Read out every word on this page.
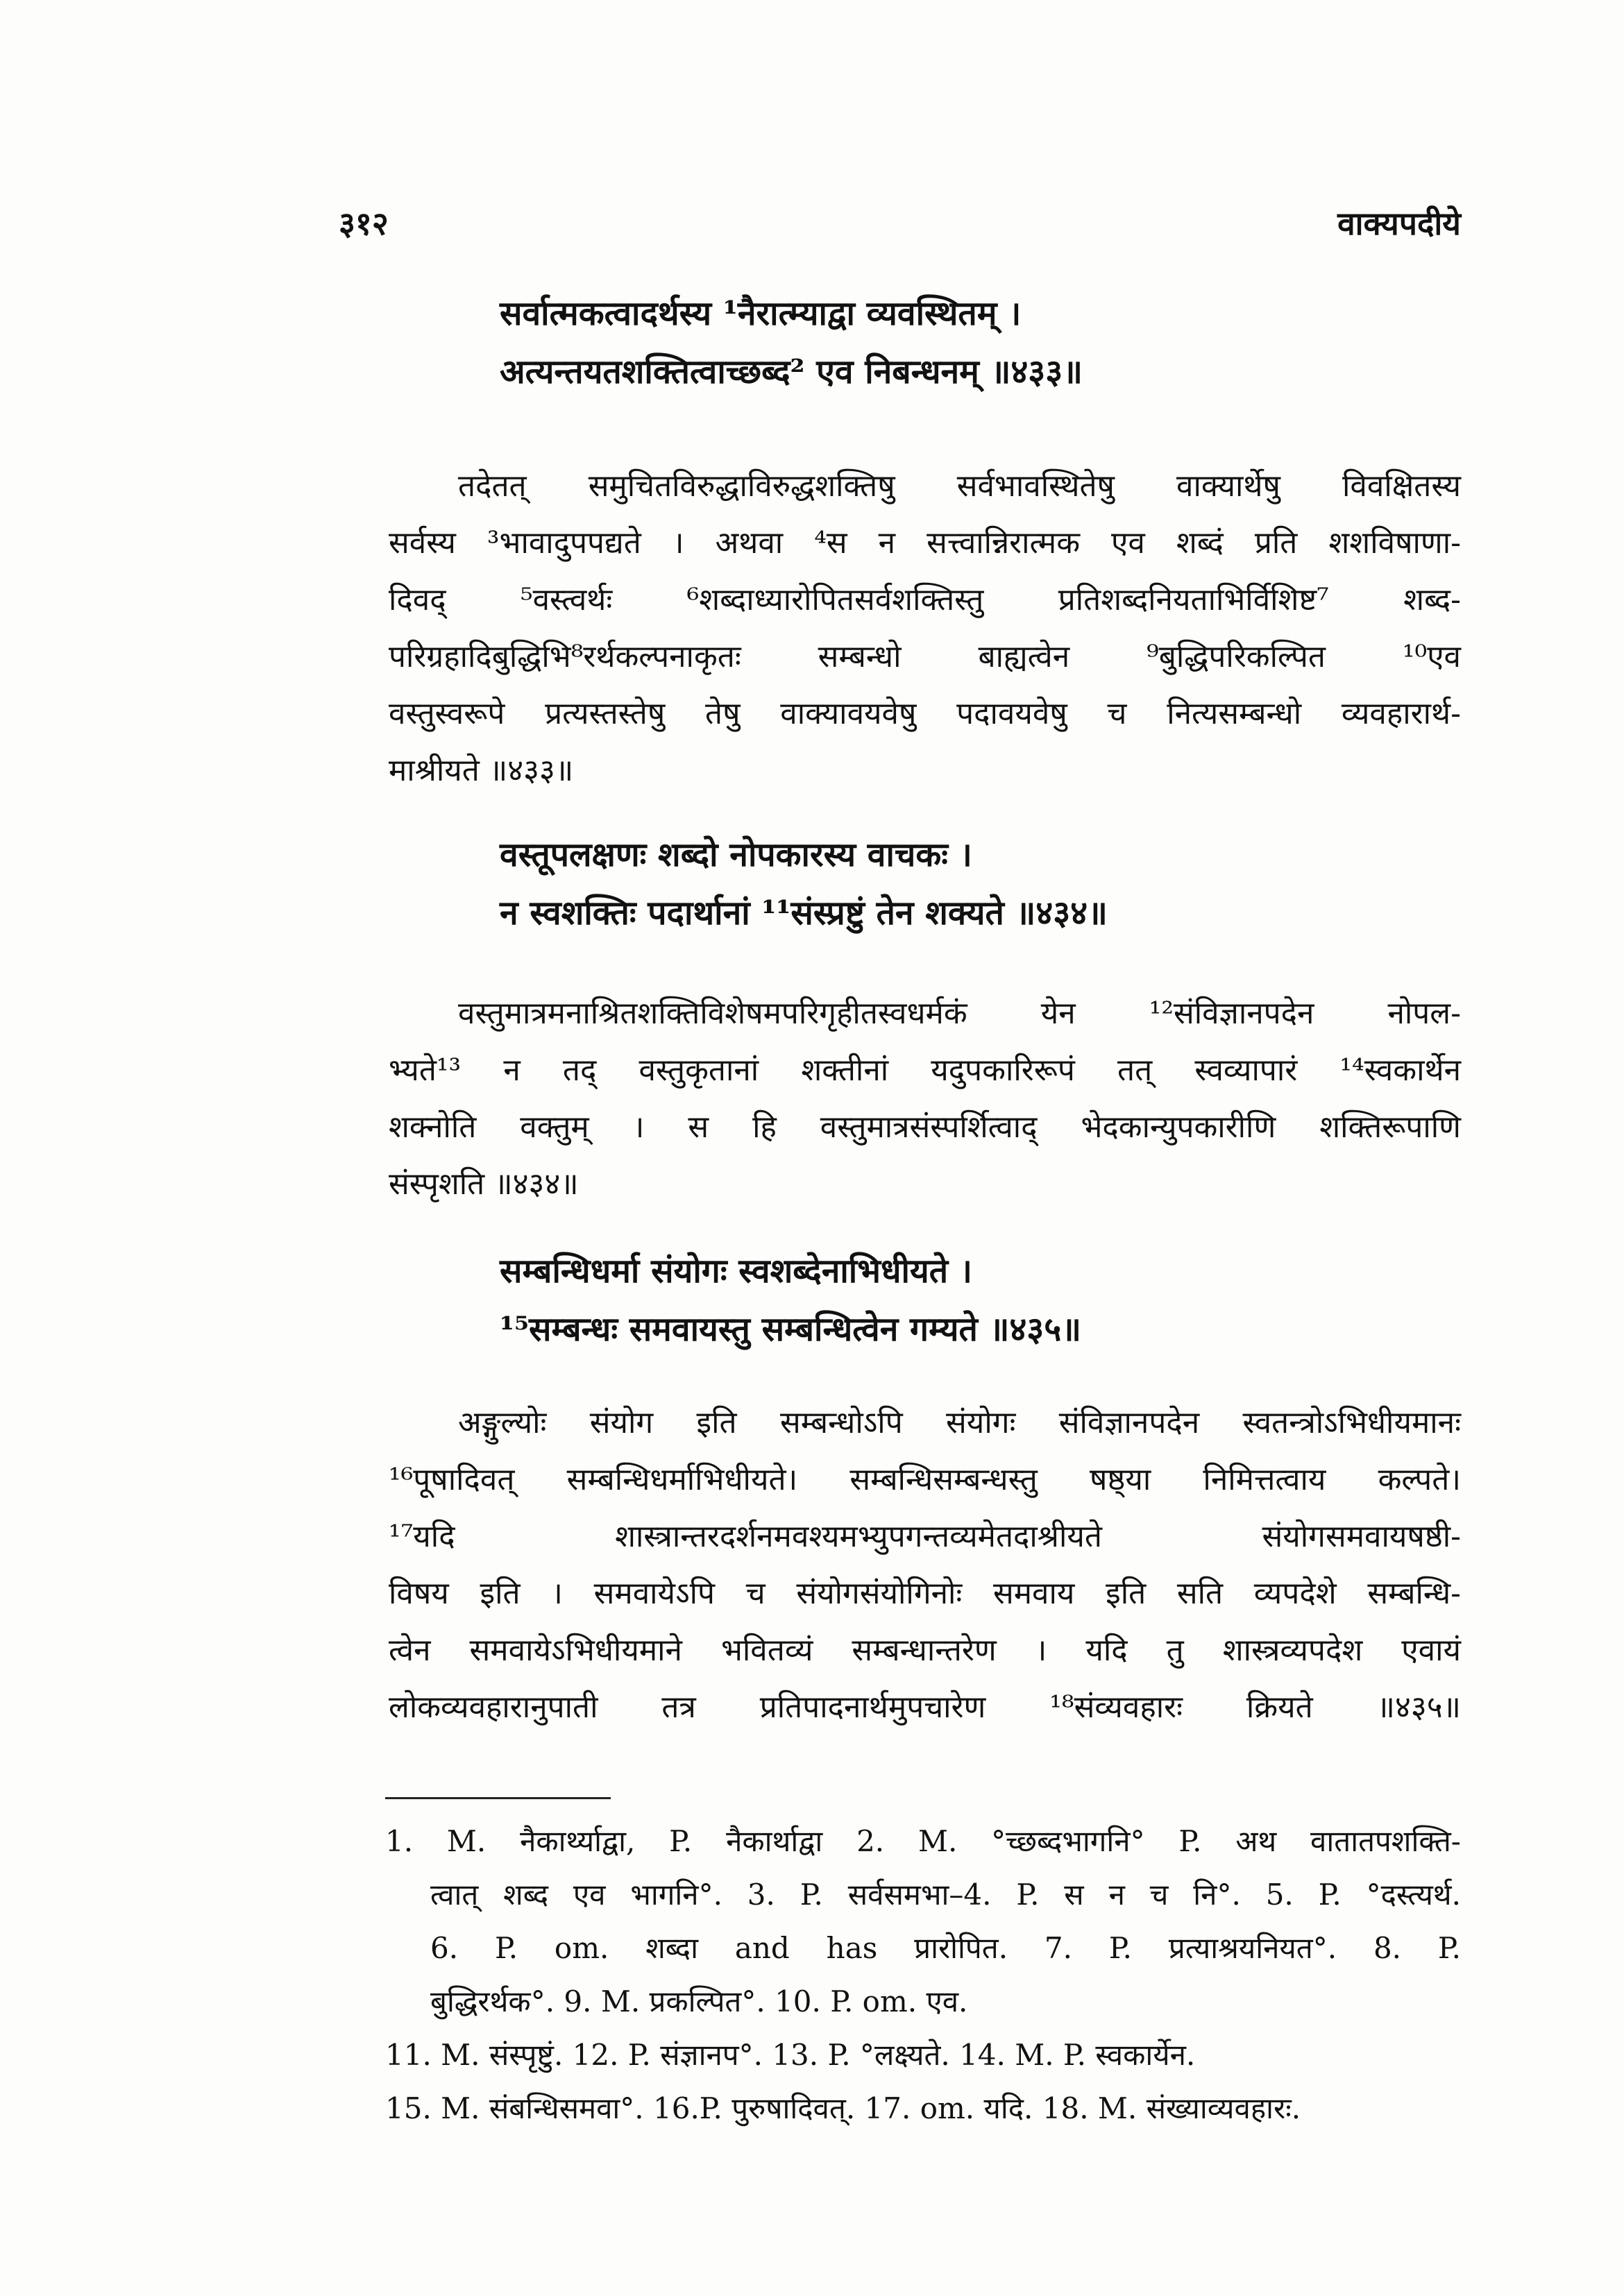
३१२	वाक्यपदीये
सर्वात्मकत्वादर्थस्य ¹नैरात्म्याद्वा व्यवस्थितम् ।
अत्यन्तयतशक्तित्वाच्छब्द² एव निबन्धनम् ॥४३३॥
तदेतत् समुचितविरुद्धाविरुद्धशक्तिषु सर्वभावस्थितेषु वाक्यार्थेषु विवक्षितस्य
सर्वस्य ³भावादुपपद्यते । अथवा ⁴स न सत्त्वान्निरात्मक एव शब्दं प्रति शशविषाणा-
दिवद् ⁵वस्त्वर्थः ⁶शब्दाध्यारोपितसर्वशक्तिस्तु प्रतिशब्दनियताभिर्विशिष्ट⁷ शब्द-
परिग्रहादिबुद्धिभि⁸रर्थकल्पनाकृतः सम्बन्धो बाह्यत्वेन ⁹बुद्धिपरिकल्पित ¹⁰एव
वस्तुस्वरूपे प्रत्यस्तस्तेषु तेषु वाक्यावयवेषु पदावयवेषु च नित्यसम्बन्धो व्यवहारार्थ-
माश्रीयते ॥४३३॥
वस्तूपलक्षणः शब्दो नोपकारस्य वाचकः ।
न स्वशक्तिः पदार्थानां ¹¹संस्प्रष्टुं तेन शक्यते ॥४३४॥
वस्तुमात्रमनाश्रितशक्तिविशेषमपरिगृहीतस्वधर्मकं येन ¹²संविज्ञानपदेन नोपल-
भ्यते¹³ न तद् वस्तुकृतानां शक्तीनां यदुपकारिरूपं तत् स्वव्यापारं ¹⁴स्वकार्थेन
शक्नोति वक्तुम् । स हि वस्तुमात्रसंस्पर्शित्वाद् भेदकान्युपकारीणि शक्तिरूपाणि
संस्पृशति ॥४३४॥
सम्बन्धिधर्मा संयोगः स्वशब्देनाभिधीयते ।
¹⁵सम्बन्धः समवायस्तु सम्बन्धित्वेन गम्यते ॥४३५॥
अङ्गुल्योः संयोग इति सम्बन्धोऽपि संयोगः संविज्ञानपदेन स्वतन्त्रोऽभिधीयमानः
¹⁶पूषादिवत् सम्बन्धिधर्माभिधीयते। सम्बन्धिसम्बन्धस्तु षष्ठ्या निमित्तत्वाय कल्पते।
¹⁷यदि शास्त्रान्तरदर्शनमवश्यमभ्युपगन्तव्यमेतदाश्रीयते संयोगसमवायषष्ठी-
विषय इति । समवायेऽपि च संयोगसंयोगिनोः समवाय इति सति व्यपदेशे सम्बन्धि-
त्वेन समवायेऽभिधीयमाने भवितव्यं सम्बन्धान्तरेण । यदि तु शास्त्रव्यपदेश एवायं
लोकव्यवहारानुपाती तत्र प्रतिपादनार्थमुपचारेण ¹⁸संव्यवहारः क्रियते ॥४३५॥
1. M. नैकार्थ्याद्वा, P. नैकार्थाद्वा 2. M. °च्छब्दभागनि° P. अथ वातातपशक्ति-
त्वात् शब्द एव भागनि°. 3. P. सर्वसमभा–4. P. स न च नि°. 5. P. °दस्त्यर्थ.
6. P. om. शब्दा and has प्रारोपित. 7. P. प्रत्याश्रयनियत°. 8. P.
बुद्धिरर्थक°. 9. M. प्रकल्पित°. 10. P. om. एव.
11. M. संस्पृष्टुं. 12. P. संज्ञानप°. 13. P. °लक्ष्यते. 14. M. P. स्वकार्येन.
15. M. संबन्धिसमवा°. 16.P. पुरुषादिवत्. 17. om. यदि. 18. M. संख्याव्यवहारः.
